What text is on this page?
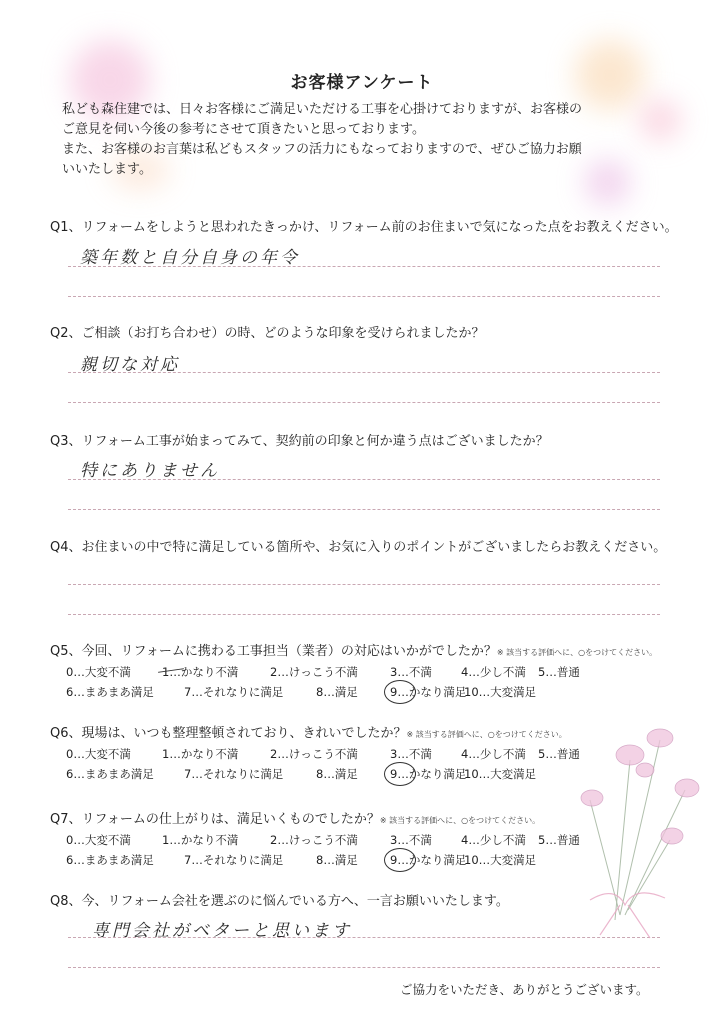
お客様アンケート
私ども森住建では、日々お客様にご満足いただける工事を心掛けておりますが、お客様の
ご意見を伺い今後の参考にさせて頂きたいと思っております。
また、お客様のお言葉は私どもスタッフの活力にもなっておりますので、ぜひご協力お願
いいたします。
Q1、リフォームをしようと思われたきっかけ、リフォーム前のお住まいで気になった点をお教えください。
築年数と自分自身の年令
Q2、ご相談（お打ち合わせ）の時、どのような印象を受けられましたか？
親切な対応
Q3、リフォーム工事が始まってみて、契約前の印象と何か違う点はございましたか？
特にありません
Q4、お住まいの中で特に満足している箇所や、お気に入りのポイントがございましたらお教えください。
Q5、今回、リフォームに携わる工事担当（業者）の対応はいかがでしたか？※ 該当する評価へに、○をつけてください。
0…大変不満	1…かなり不満	2…けっこう不満	3…不満	4…少し不満 5…普通
6…まあまあ満足	7…それなりに満足	8…満足	9…かなり満足
10…大変満足
Q6、現場は、いつも整理整頓されており、きれいでしたか？※ 該当する評価へに、○をつけてください。
0…大変不満	1…かなり不満	2…けっこう不満	3…不満	4…少し不満 5…普通
6…まあまあ満足	7…それなりに満足	8…満足	9…かなり満足
10…大変満足
Q7、リフォームの仕上がりは、満足いくものでしたか？※ 該当する評価へに、○をつけてください。
0…大変不満	1…かなり不満	2…けっこう不満	3…不満	4…少し不満 5…普通
6…まあまあ満足	7…それなりに満足	8…満足	9…かなり満足
10…大変満足
Q8、今、リフォーム会社を選ぶのに悩んでいる方へ、一言お願いいたします。
専門会社がベターと思います
ご協力をいただき、ありがとうございます。
